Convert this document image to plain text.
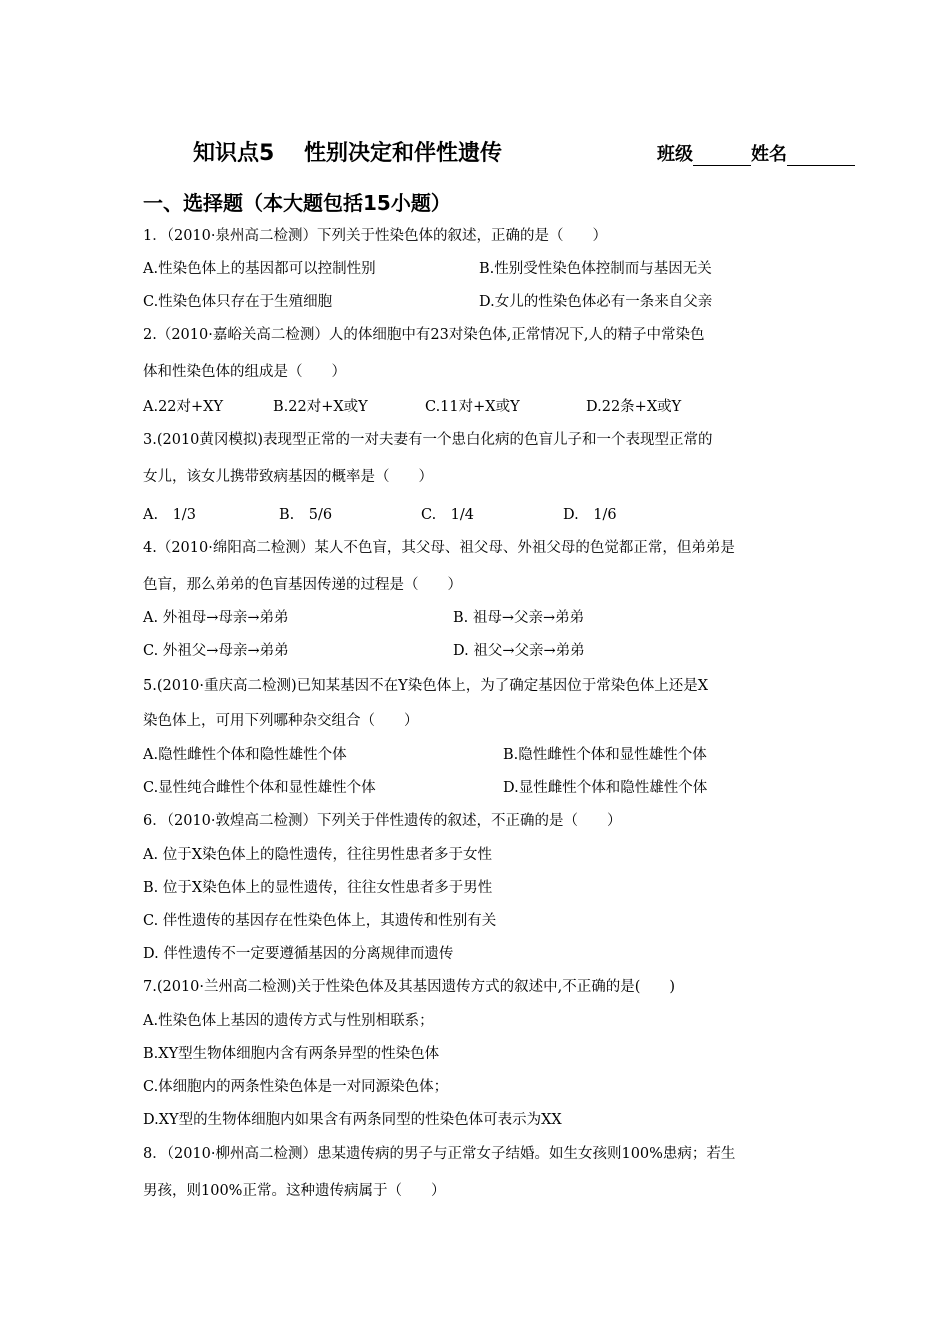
知识点5　 性别决定和伴性遗传	班级	姓名
一、选择题（本大题包括15小题）
1．（2010·泉州高二检测）下列关于性染色体的叙述，正确的是（　　）
A.性染色体上的基因都可以控制性别	B.性别受性染色体控制而与基因无关
C.性染色体只存在于生殖细胞	D.女儿的性染色体必有一条来自父亲
2.（2010·嘉峪关高二检测）人的体细胞中有23对染色体,正常情况下,人的精子中常染色
体和性染色体的组成是（　　）
A.22对+XY	B.22对+X或Y	C.11对+X或Y	D.22条+X或Y
3.(2010黄冈模拟)表现型正常的一对夫妻有一个患白化病的色盲儿子和一个表现型正常的
女儿，该女儿携带致病基因的概率是（　　）
A.　1/3	B.　5/6	C.　1/4	D.　1/6
4.（2010·绵阳高二检测）某人不色盲，其父母、祖父母、外祖父母的色觉都正常，但弟弟是
色盲，那么弟弟的色盲基因传递的过程是（　　）
A. 外祖母→母亲→弟弟	B. 祖母→父亲→弟弟
C. 外祖父→母亲→弟弟	D. 祖父→父亲→弟弟
5.(2010·重庆高二检测)已知某基因不在Y染色体上，为了确定基因位于常染色体上还是X
染色体上，可用下列哪种杂交组合（　　）
A.隐性雌性个体和隐性雄性个体	B.隐性雌性个体和显性雄性个体
C.显性纯合雌性个体和显性雄性个体	D.显性雌性个体和隐性雄性个体
6．（2010·敦煌高二检测）下列关于伴性遗传的叙述，不正确的是（　　）
A. 位于X染色体上的隐性遗传，往往男性患者多于女性
B. 位于X染色体上的显性遗传，往往女性患者多于男性
C. 伴性遗传的基因存在性染色体上，其遗传和性别有关
D. 伴性遗传不一定要遵循基因的分离规律而遗传
7.(2010·兰州高二检测)关于性染色体及其基因遗传方式的叙述中,不正确的是(　　)
A.性染色体上基因的遗传方式与性别相联系；
B.XY型生物体细胞内含有两条异型的性染色体
C.体细胞内的两条性染色体是一对同源染色体；
D.XY型的生物体细胞内如果含有两条同型的性染色体可表示为XX
8．（2010·柳州高二检测）患某遗传病的男子与正常女子结婚。如生女孩则100%患病；若生
男孩，则100%正常。这种遗传病属于（　　）
